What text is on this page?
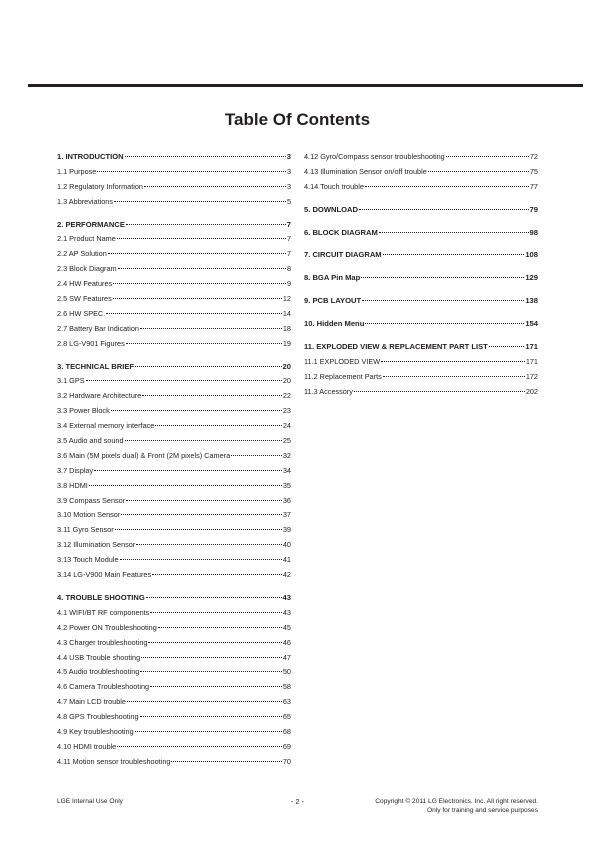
Table Of Contents
1. INTRODUCTION	3
1.1 Purpose	3
1.2 Regulatory Information	3
1.3 Abbreviations	5
2. PERFORMANCE	7
2.1 Product Name	7
2.2 AP Solution	7
2.3 Block Diagram	8
2.4 HW Features	9
2.5 SW Features	12
2.6 HW SPEC.	14
2.7 Battery Bar Indication	18
2.8 LG-V901 Figures	19
3. TECHNICAL BRIEF	20
3.1 GPS	20
3.2 Hardware Architecture	22
3.3 Power Block	23
3.4 External memory interface	24
3.5 Audio and sound	25
3.6 Main (5M pixels dual) & Front (2M pixels) Camera	32
3.7 Display	34
3.8 HDMI	35
3.9 Compass Sensor	36
3.10 Motion Sensor	37
3.11 Gyro Sensor	39
3.12 Illumination Sensor	40
3.13 Touch Module	41
3.14 LG-V900 Main Features	42
4. TROUBLE SHOOTING	43
4.1 WIFI/BT RF components	43
4.2 Power ON Troubleshooting	45
4.3 Charger troubleshooting	46
4.4 USB Trouble shooting	47
4.5 Audio troubleshooting	50
4.6 Camera Troubleshooting	58
4.7 Main LCD trouble	63
4.8 GPS Troubleshooting	65
4.9 Key troubleshooting	68
4.10 HDMI trouble	69
4.11 Motion sensor troubleshooting	70
4.12 Gyro/Compass sensor troubleshooting	72
4.13 Illumination Sensor on/off trouble	75
4.14 Touch trouble	77
5. DOWNLOAD	79
6. BLOCK DIAGRAM	98
7. CIRCUIT DIAGRAM	108
8. BGA Pin Map	129
9. PCB LAYOUT	138
10. Hidden Menu	154
11. EXPLODED VIEW & REPLACEMENT PART LIST	171
11.1 EXPLODED VIEW	171
11.2 Replacement Parts	172
11.3 Accessory	202
LGE Internal Use Only	- 2 -	Copyright © 2011 LG Electronics. Inc. All right reserved.
Only for training and service purposes
